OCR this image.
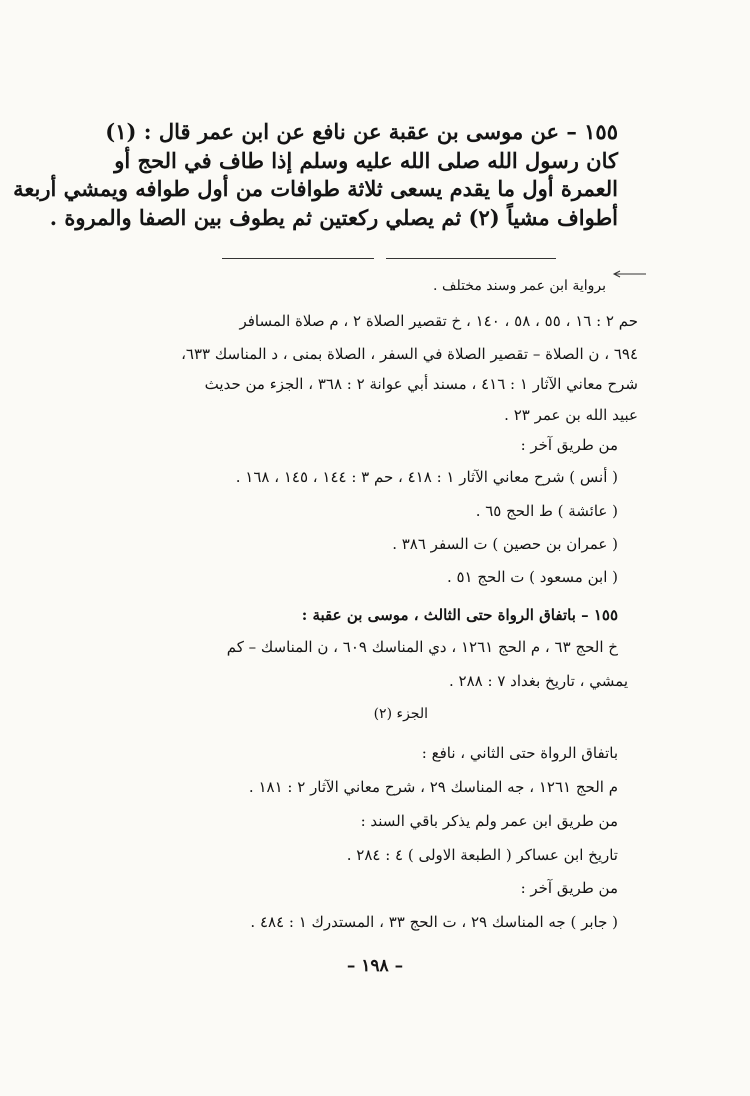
١٥٥ – عن موسى بن عقبة عن نافع عن ابن عمر قال : (١)
كان رسول الله صلى الله عليه وسلم إذا طاف في الحج أو
العمرة أول ما يقدم يسعى ثلاثة طوافات من أول طوافه ويمشي أربعة
أطواف مشياً (٢) ثم يصلي ركعتين ثم يطوف بين الصفا والمروة .
برواية ابن عمر وسند مختلف .
حم ٢ : ١٦ ، ٥٥ ، ٥٨ ، ١٤٠ ، خ تقصير الصلاة ٢ ، م صلاة المسافر
٦٩٤ ، ن الصلاة – تقصير الصلاة في السفر ، الصلاة بمنى ، د المناسك ٦٣٣،
شرح معاني الآثار ١ : ٤١٦ ، مسند أبي عوانة ٢ : ٣٦٨ ، الجزء من حديث
عبيد الله بن عمر ٢٣ .
من طريق آخر :
( أنس ) شرح معاني الآثار ١ : ٤١٨ ، حم ٣ : ١٤٤ ، ١٤٥ ، ١٦٨ .
( عائشة ) ط الحج ٦٥ .
( عمران بن حصين ) ت السفر ٣٨٦ .
( ابن مسعود ) ت الحج ٥١ .
١٥٥ – باتفاق الرواة حتى الثالث ، موسى بن عقبة :
خ الحج ٦٣ ، م الحج ١٢٦١ ، دي المناسك ٦٠٩ ، ن المناسك – كم
يمشي ، تاريخ بغداد ٧ : ٢٨٨ .
الجزء (٢)
باتفاق الرواة حتى الثاني ، نافع :
م الحج ١٢٦١ ، جه المناسك ٢٩ ، شرح معاني الآثار ٢ : ١٨١ .
من طريق ابن عمر ولم يذكر باقي السند :
تاريخ ابن عساكر ( الطبعة الاولى ) ٤ : ٢٨٤ .
من طريق آخر :
( جابر ) جه المناسك ٢٩ ، ت الحج ٣٣ ، المستدرك ١ : ٤٨٤ .
– ١٩٨ –
